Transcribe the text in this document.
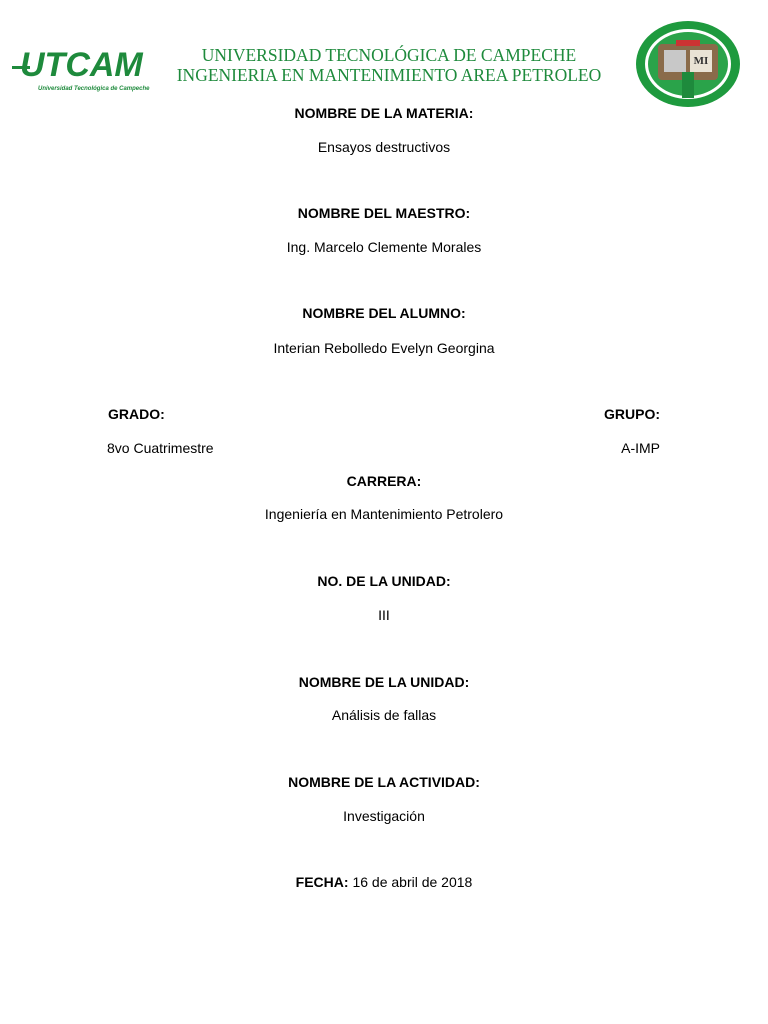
UTCAM
Universidad Tecnológica de Campeche
UNIVERSIDAD TECNOLÓGICA DE CAMPECHE
INGENIERIA EN MANTENIMIENTO AREA PETROLEO
MI
NOMBRE DE LA MATERIA:
Ensayos destructivos
NOMBRE DEL MAESTRO:
Ing. Marcelo Clemente Morales
NOMBRE DEL ALUMNO:
Interian Rebolledo Evelyn Georgina
GRADO:
8vo Cuatrimestre
GRUPO:
A-IMP
CARRERA:
Ingeniería en Mantenimiento Petrolero
NO. DE LA UNIDAD:
III
NOMBRE DE LA UNIDAD:
Análisis de fallas
NOMBRE DE LA ACTIVIDAD:
Investigación
FECHA: 16 de abril de 2018
